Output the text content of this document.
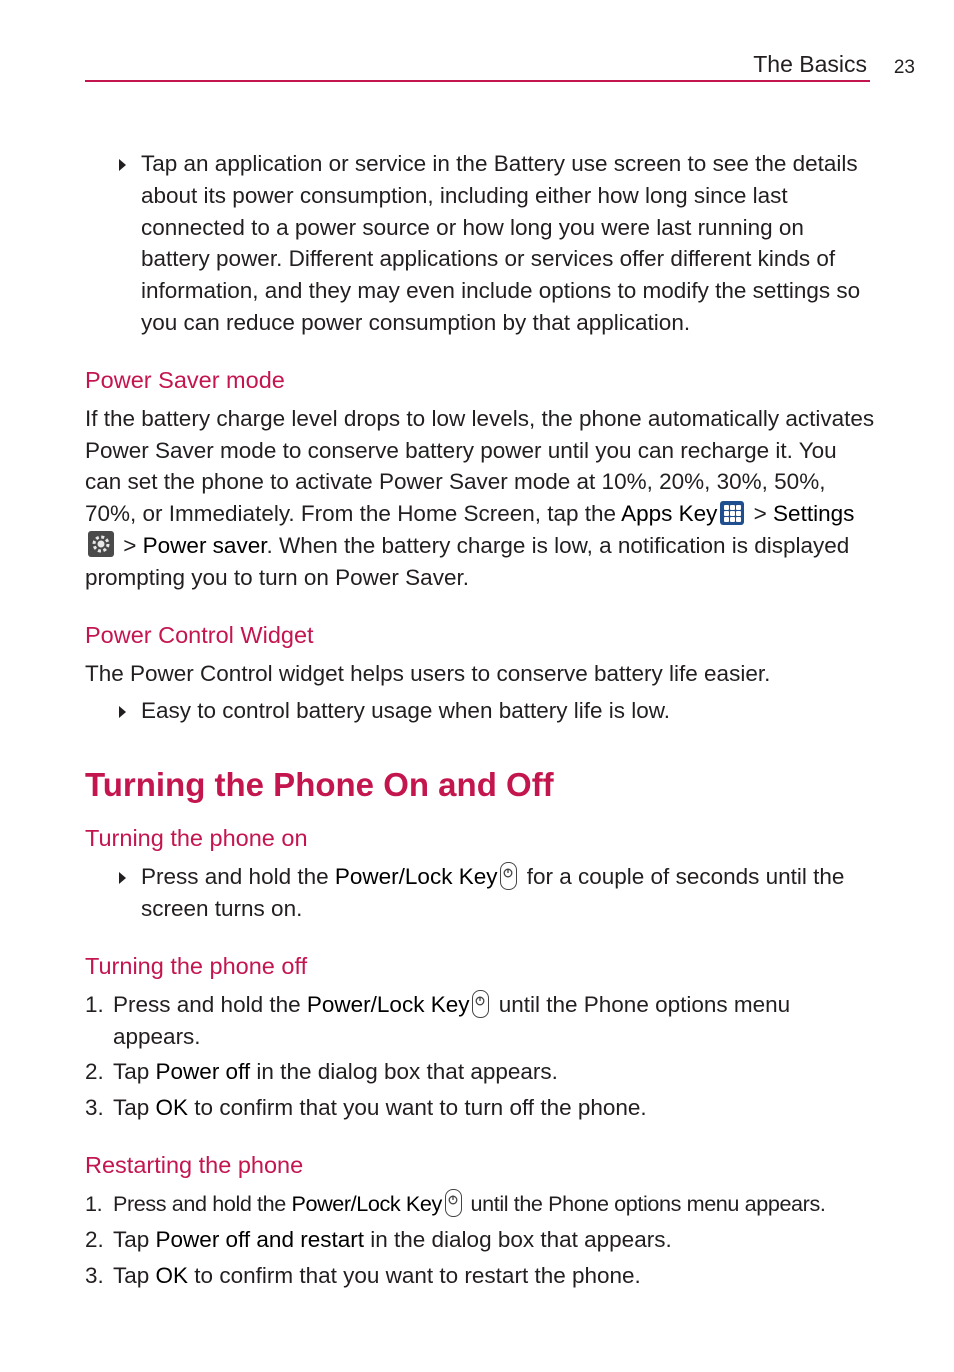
The Basics 23

Tap an application or service in the Battery use screen to see the details about its power consumption, including either how long since last connected to a power source or how long you were last running on battery power. Different applications or services offer different kinds of information, and they may even include options to modify the settings so you can reduce power consumption by that application.

Power Saver mode

If the battery charge level drops to low levels, the phone automatically activates Power Saver mode to conserve battery power until you can recharge it. You can set the phone to activate Power Saver mode at 10%, 20%, 30%, 50%, 70%, or Immediately. From the Home Screen, tap the Apps Key
> Settings
> Power saver. When the battery charge is low, a notification is displayed prompting you to turn on Power Saver.

Power Control Widget

The Power Control widget helps users to conserve battery life easier.

Easy to control battery usage when battery life is low.

Turning the Phone On and Off

Turning the phone on

Press and hold the Power/Lock Key
for a couple of seconds until the screen turns on.

Turning the phone off

1. Press and hold the Power/Lock Key
until the Phone options menu appears.

2. Tap Power off in the dialog box that appears.

3. Tap OK to confirm that you want to turn off the phone.

Restarting the phone

1. Press and hold the Power/Lock Key
until the Phone options menu appears.

2. Tap Power off and restart in the dialog box that appears.

3. Tap OK to confirm that you want to restart the phone.
